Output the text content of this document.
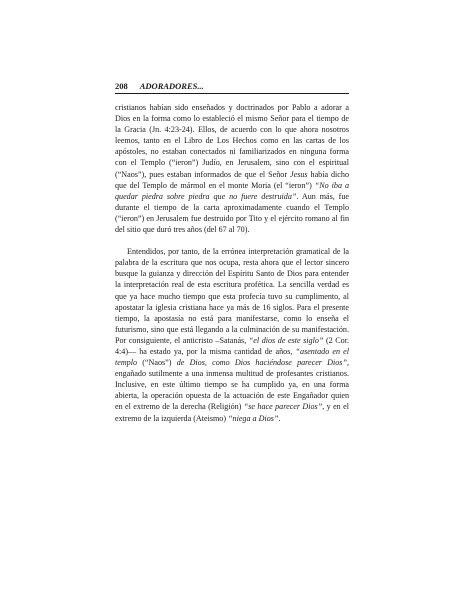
208 ADORADORES...

cristianos habían sido enseñados y doctrinados por Pablo a adorar a Dios en la forma como lo estableció el mismo Señor para el tiempo de la Gracia (Jn. 4:23-24). Ellos, de acuerdo con lo que ahora nosotros leemos, tanto en el Libro de Los Hechos como en las cartas de los apóstoles, no estaban conectados ni familiarizados en ninguna forma con el Templo (“ieron”) Judío, en Jerusalem, sino con el espiritual (“Naos”), pues estaban informados de que el Señor Jesus había dicho que del Templo de mármol en el monte Moria (el “ieron”) “No iba a quedar piedra sobre piedra que no fuere destruida”. Aun más, fue durante el tiempo de la carta aproximadamente cuando el Templo (“ieron”) en Jerusalem fue destruido por Tito y el ejército romano al fin del sitio que duró tres años (del 67 al 70).

Entendidos, por tanto, de la errónea interpretación gramatical de la palabra de la escritura que nos ocupa, resta ahora que el lector sincero busque la guianza y dirección del Espíritu Santo de Dios para entender la interpretación real de esta escritura profética. La sencilla verdad es que ya hace mucho tiempo que esta profecía tuvo su cumplimento, al apostatar la iglesia cristiana hace ya más de 16 siglos. Para el presente tiempo, la apostasía no está para manifestarse, como lo enseña el futurismo, sino que está llegando a la culminación de su manifestación. Por consiguiente, el anticristo –Satanás, “el dios de este siglo” (2 Cor. 4:4)— ha estado ya, por la misma cantidad de años, “asentado en el templo (“Naos”) de Dios, como Dios haciéndose parecer Dios”, engañado sutilmente a una inmensa multitud de profesantes cristianos. Inclusive, en este último tiempo se ha cumplido ya, en una forma abierta, la operación opuesta de la actuación de este Engañador quien en el extremo de la derecha (Religión) “se hace parecer Dios”, y en el extremo de la izquierda (Ateismo) “niega a Dios”.
